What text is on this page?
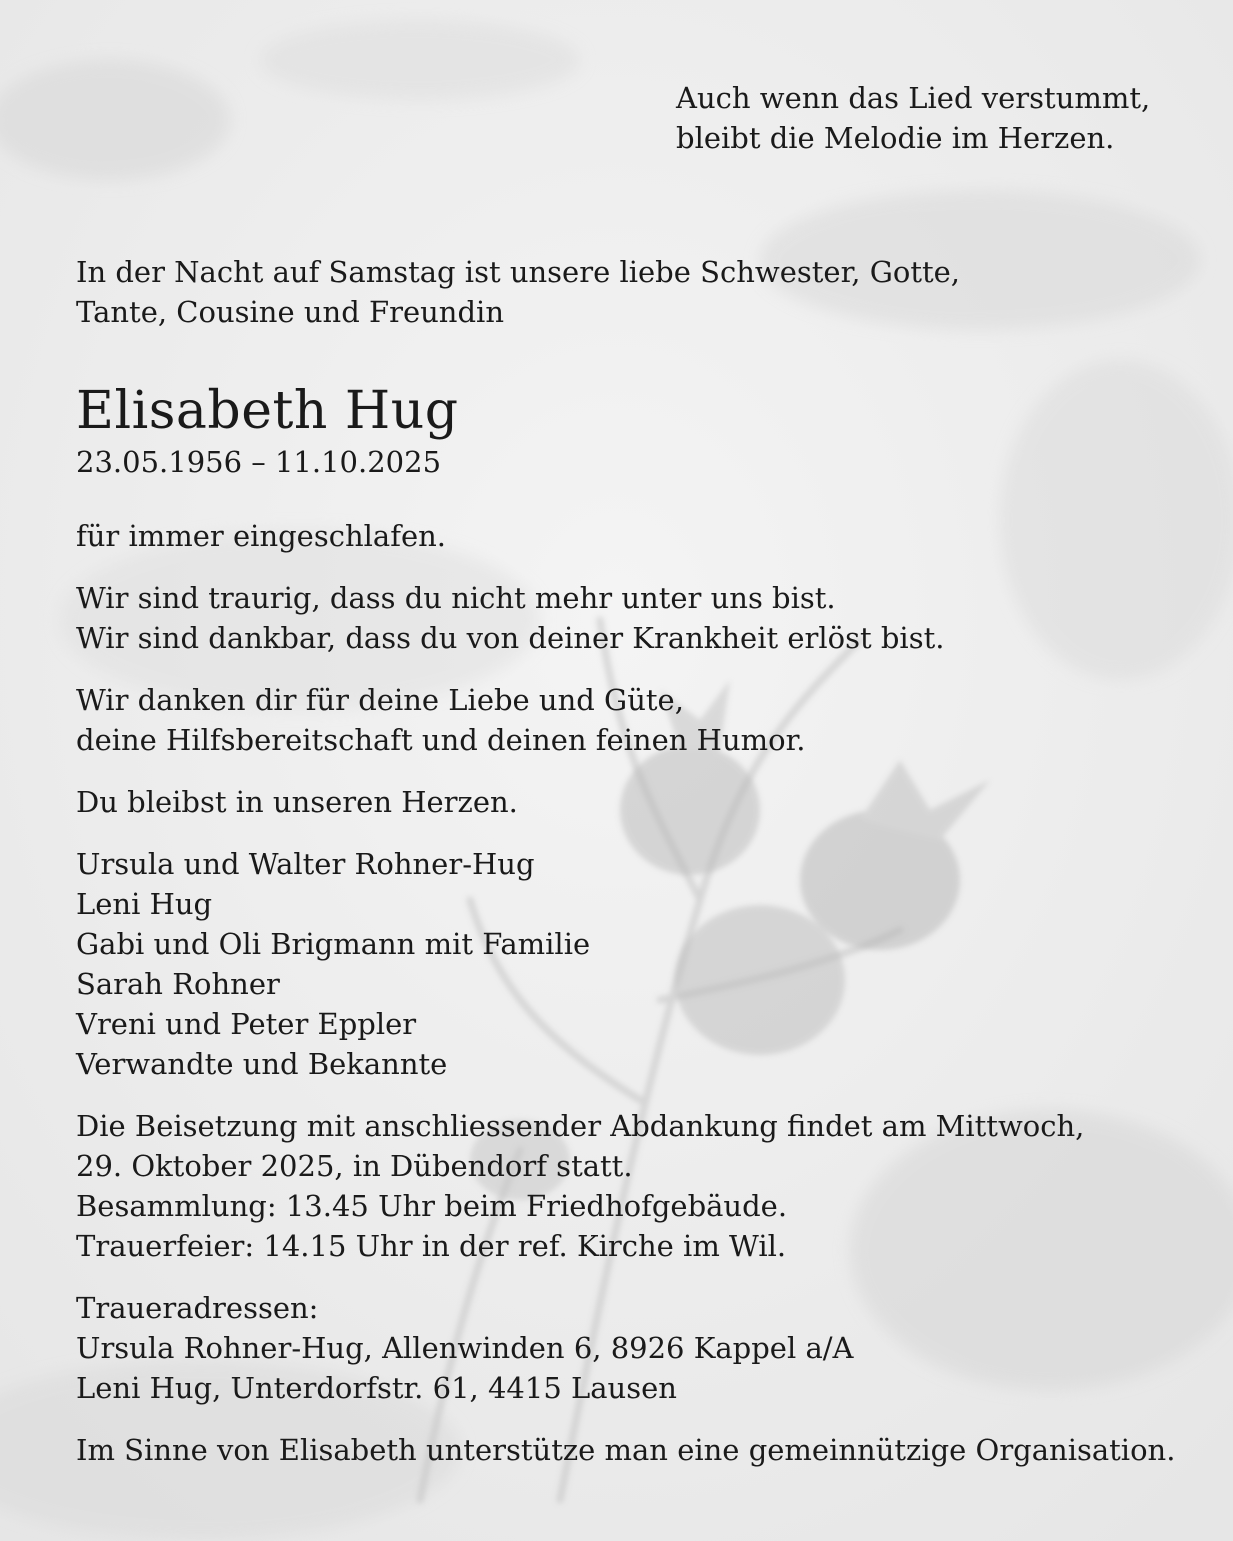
Auch wenn das Lied verstummt,
bleibt die Melodie im Herzen.
In der Nacht auf Samstag ist unsere liebe Schwester, Gotte,
Tante, Cousine und Freundin
Elisabeth Hug
23.05.1956 – 11.10.2025
für immer eingeschlafen.
Wir sind traurig, dass du nicht mehr unter uns bist.
Wir sind dankbar, dass du von deiner Krankheit erlöst bist.
Wir danken dir für deine Liebe und Güte,
deine Hilfsbereitschaft und deinen feinen Humor.
Du bleibst in unseren Herzen.
Ursula und Walter Rohner-Hug
Leni Hug
Gabi und Oli Brigmann mit Familie
Sarah Rohner
Vreni und Peter Eppler
Verwandte und Bekannte
Die Beisetzung mit anschliessender Abdankung findet am Mittwoch,
29. Oktober 2025, in Dübendorf statt.
Besammlung: 13.45 Uhr beim Friedhofgebäude.
Trauerfeier: 14.15 Uhr in der ref. Kirche im Wil.
Traueradressen:
Ursula Rohner-Hug, Allenwinden 6, 8926 Kappel a/A
Leni Hug, Unterdorfstr. 61, 4415 Lausen
Im Sinne von Elisabeth unterstütze man eine gemeinnützige Organisation.
